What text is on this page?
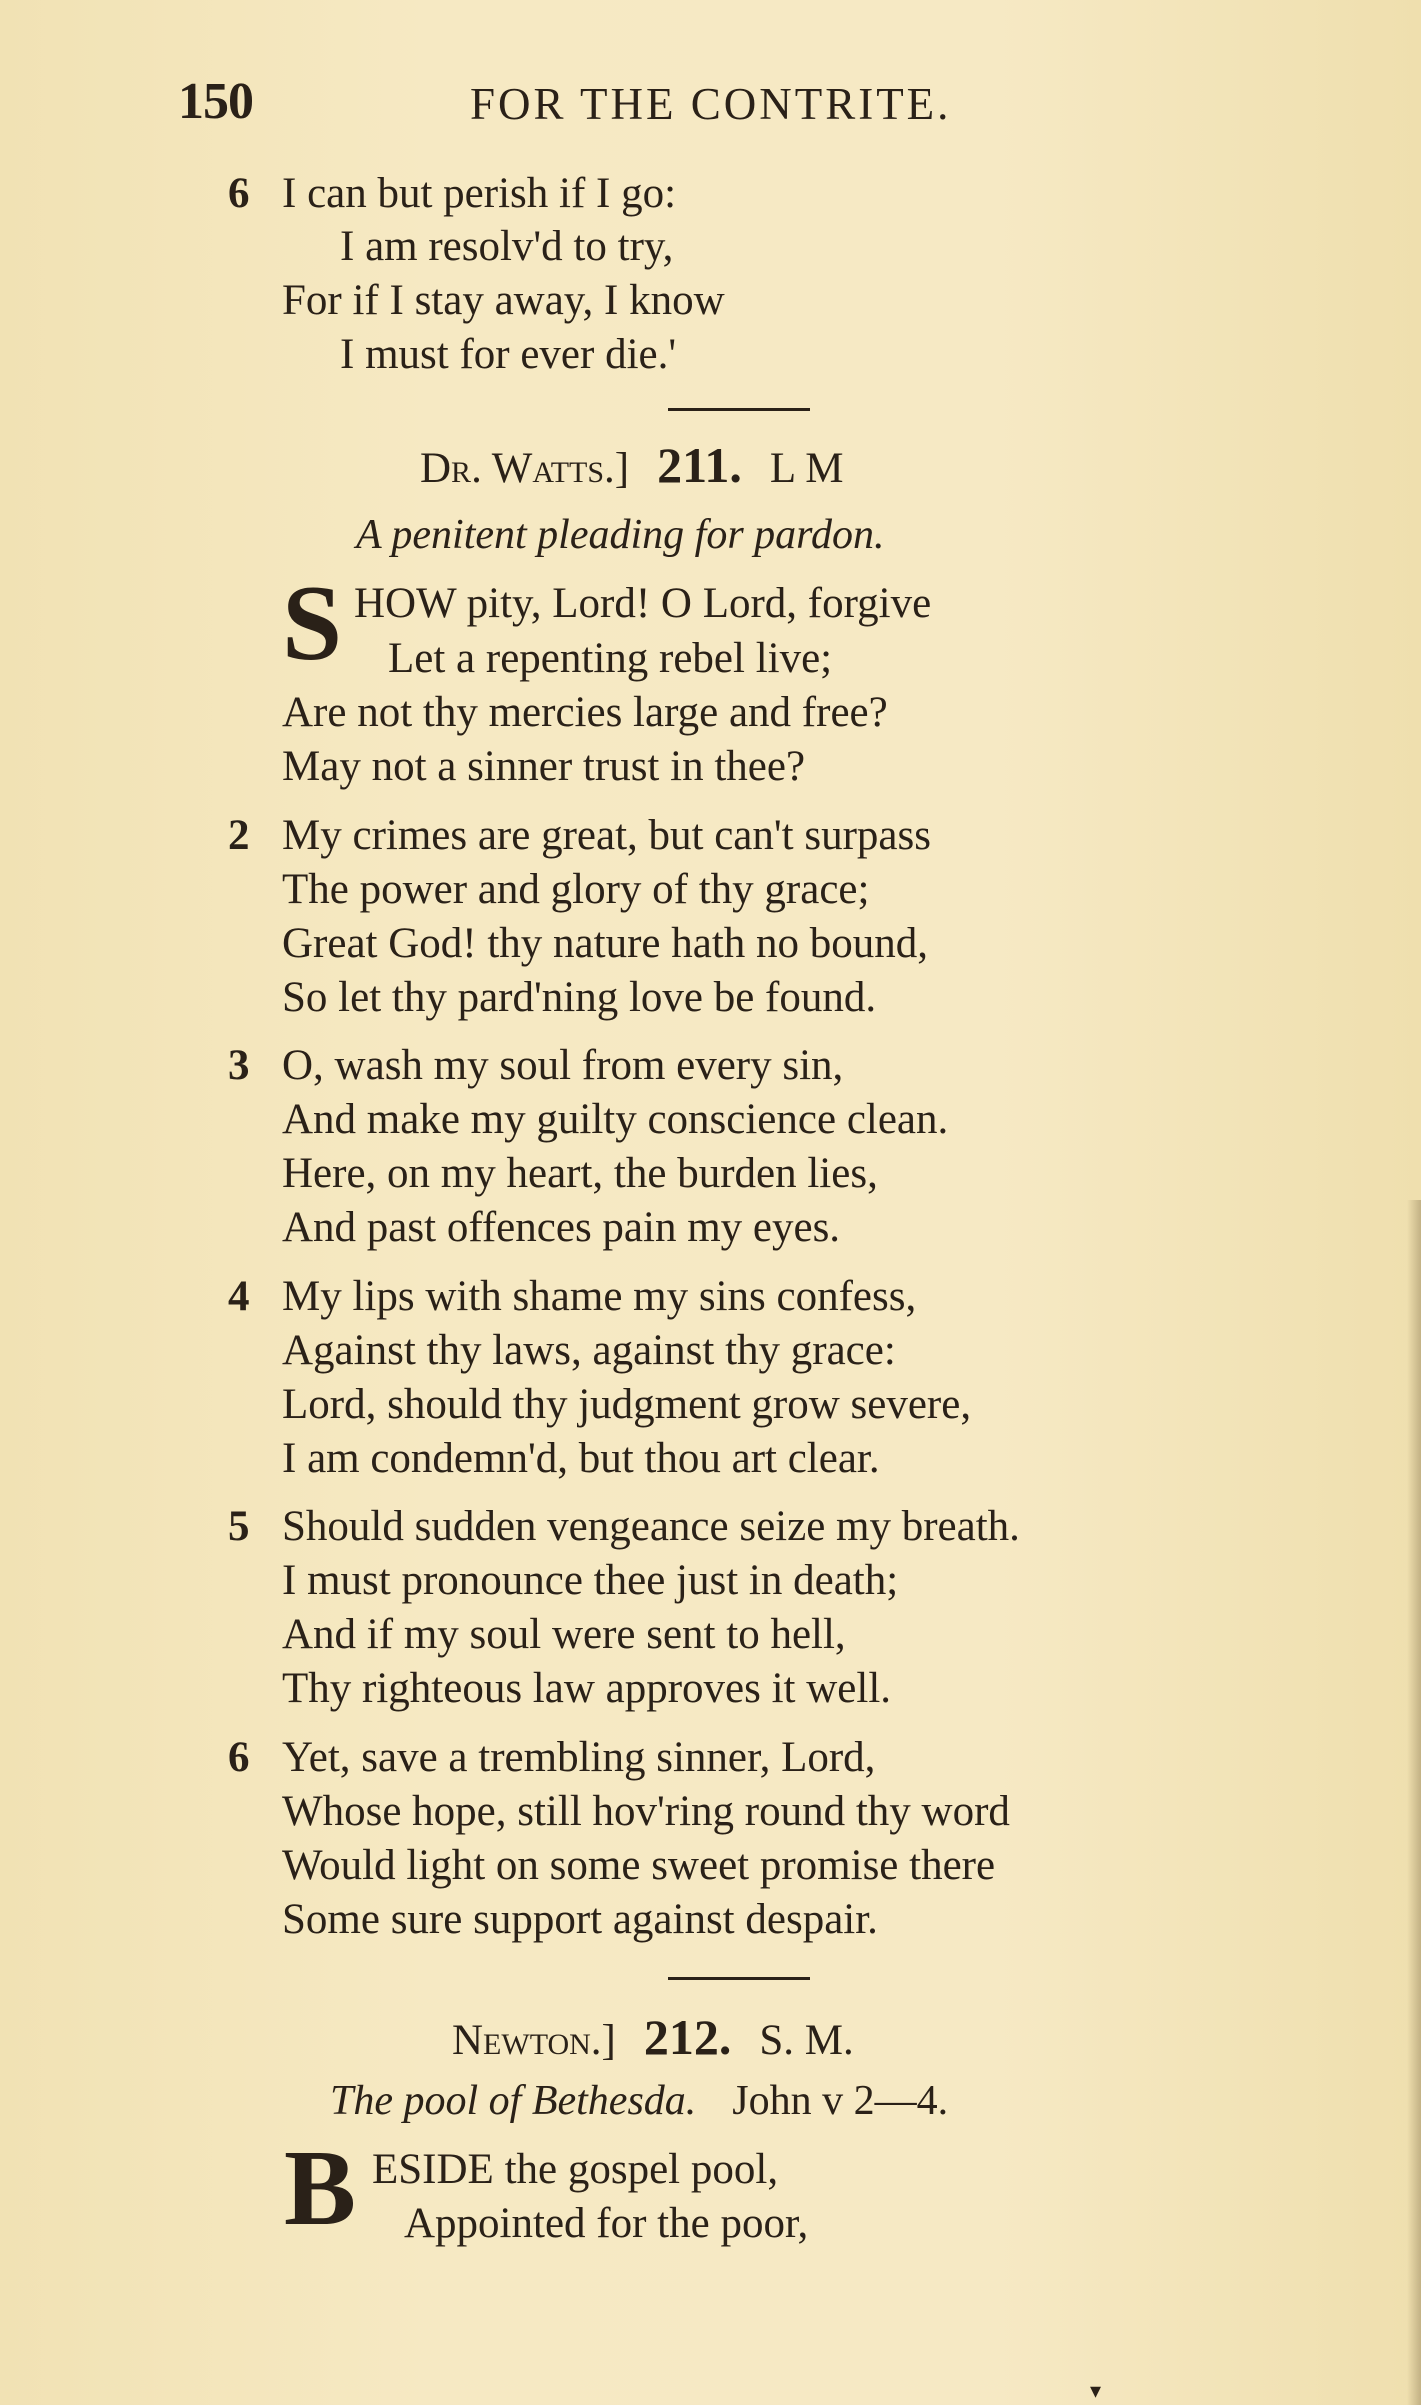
150	FOR THE CONTRITE.
6 I can but perish if I go:
I am resolv'd to try,
For if I stay away, I know
I must for ever die.'
Dr. Watts.] 211. L M
A penitent pleading for pardon.
S HOW pity, Lord! O Lord, forgive
Let a repenting rebel live;
Are not thy mercies large and free?
May not a sinner trust in thee?
2 My crimes are great, but can't surpass
The power and glory of thy grace;
Great God! thy nature hath no bound,
So let thy pard'ning love be found.
3 O, wash my soul from every sin,
And make my guilty conscience clean.
Here, on my heart, the burden lies,
And past offences pain my eyes.
4 My lips with shame my sins confess,
Against thy laws, against thy grace:
Lord, should thy judgment grow severe,
I am condemn'd, but thou art clear.
5 Should sudden vengeance seize my breath.
I must pronounce thee just in death;
And if my soul were sent to hell,
Thy righteous law approves it well.
6 Yet, save a trembling sinner, Lord,
Whose hope, still hov'ring round thy word
Would light on some sweet promise there
Some sure support against despair.
Newton.] 212. S. M.
The pool of Bethesda. John v 2—4.
B ESIDE the gospel pool,
Appointed for the poor,
▾
